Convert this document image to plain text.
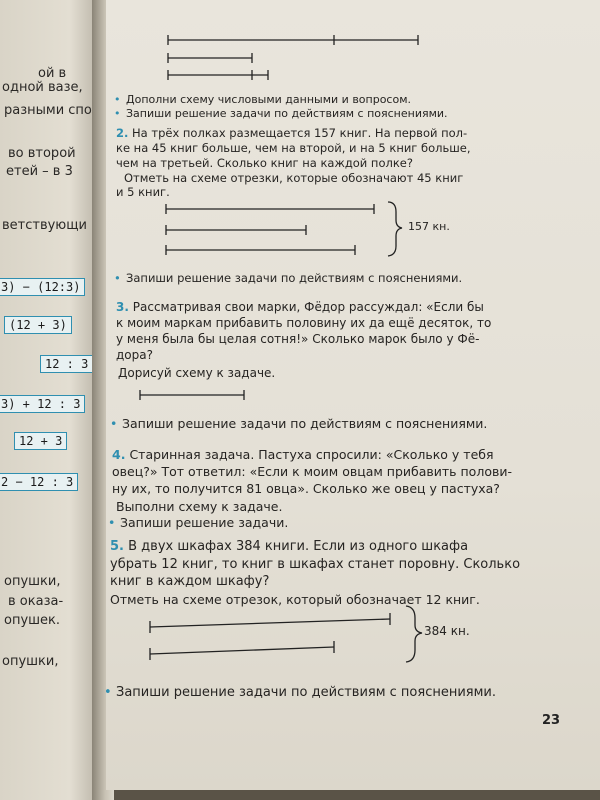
ой в
одной вазе,
разными спо
во второй
етей – в 3
ветствующи
3) − (12:3)
(12 + 3)
12 : 3
3) + 12 : 3
12 + 3
2 − 12 : 3
опушки,
в оказа-
опушек.
опушки,
• Дополни схему числовыми данными и вопросом.
• Запиши решение задачи по действиям с пояснениями.
2. На трёх полках размещается 157 книг. На первой пол-
ке на 45 книг больше, чем на второй, и на 5 книг больше,
чем на третьей. Сколько книг на каждой полке?
Отметь на схеме отрезки, которые обозначают 45 книг
и 5 книг.
157 кн.
• Запиши решение задачи по действиям с пояснениями.
3. Рассматривая свои марки, Фёдор рассуждал: «Если бы
к моим маркам прибавить половину их да ещё десяток, то
у меня была бы целая сотня!» Сколько марок было у Фё-
дора?
Дорисуй схему к задаче.
• Запиши решение задачи по действиям с пояснениями.
4. Старинная задача. Пастуха спросили: «Сколько у тебя
овец?» Тот ответил: «Если к моим овцам прибавить полови-
ну их, то получится 81 овца». Сколько же овец у пастуха?
Выполни схему к задаче.
• Запиши решение задачи.
5. В двух шкафах 384 книги. Если из одного шкафа
убрать 12 книг, то книг в шкафах станет поровну. Сколько
книг в каждом шкафу?
Отметь на схеме отрезок, который обозначает 12 книг.
384 кн.
• Запиши решение задачи по действиям с пояснениями.
23
